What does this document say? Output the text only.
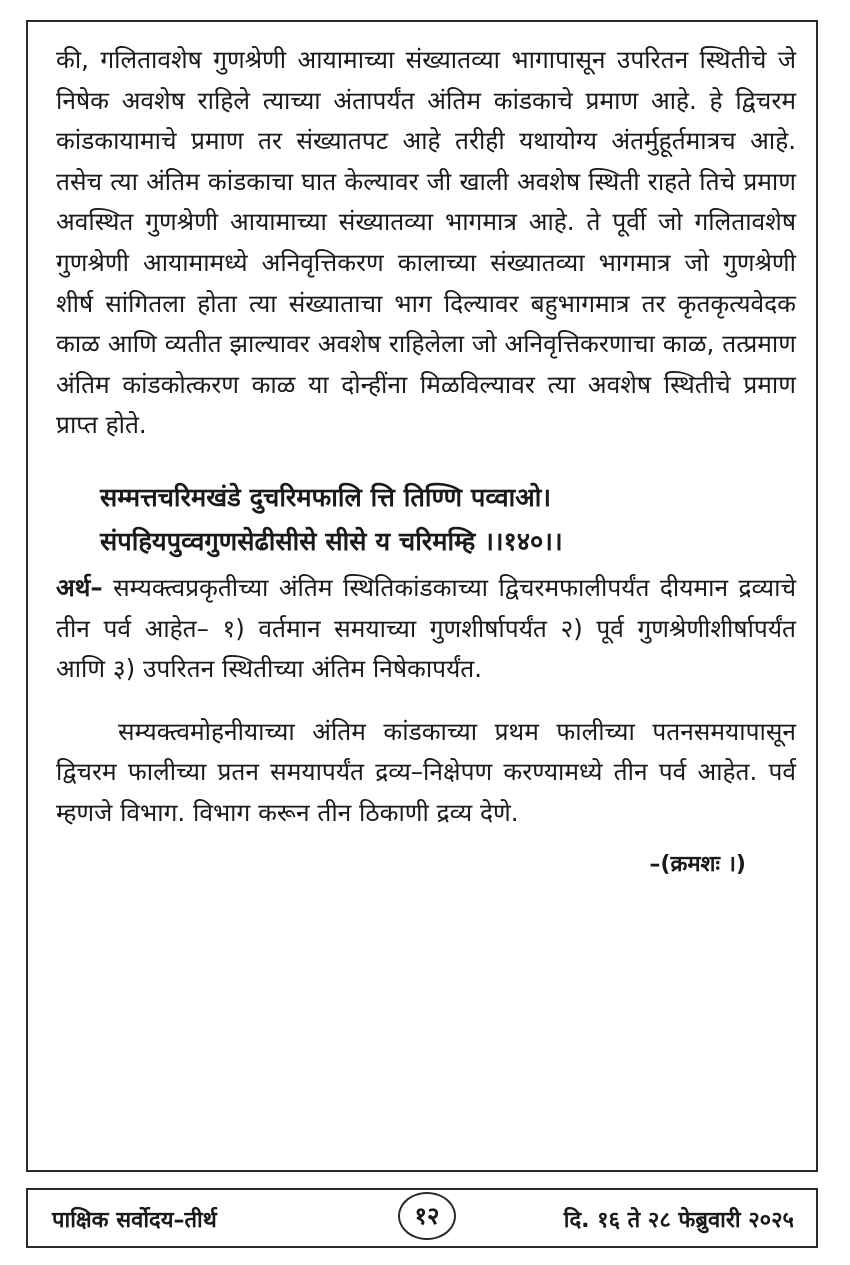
की, गलितावशेष गुणश्रेणी आयामाच्या संख्यातव्या भागापासून उपरितन स्थितीचे जे निषेक अवशेष राहिले त्याच्या अंतापर्यंत अंतिम कांडकाचे प्रमाण आहे. हे द्विचरम कांडकायामाचे प्रमाण तर संख्यातपट आहे तरीही यथायोग्य अंतर्मुहूर्तमात्रच आहे. तसेच त्या अंतिम कांडकाचा घात केल्यावर जी खाली अवशेष स्थिती राहते तिचे प्रमाण अवस्थित गुणश्रेणी आयामाच्या संख्यातव्या भागमात्र आहे. ते पूर्वी जो गलितावशेष गुणश्रेणी आयामामध्ये अनिवृत्तिकरण कालाच्या संख्यातव्या भागमात्र जो गुणश्रेणी शीर्ष सांगितला होता त्या संख्याताचा भाग दिल्यावर बहुभागमात्र तर कृतकृत्यवेदक काळ आणि व्यतीत झाल्यावर अवशेष राहिलेला जो अनिवृत्तिकरणाचा काळ, तत्प्रमाण अंतिम कांडकोत्करण काळ या दोन्हींना मिळविल्यावर त्या अवशेष स्थितीचे प्रमाण प्राप्त होते.

सम्मत्तचरिमखंडे दुचरिमफालि त्ति तिण्णि पव्वाओ।
संपहियपुव्वगुणसेढीसीसे सीसे य चरिमम्हि ।।१४०।।

अर्थ– सम्यक्त्वप्रकृतीच्या अंतिम स्थितिकांडकाच्या द्विचरमफालीपर्यंत दीयमान द्रव्याचे तीन पर्व आहेत– १) वर्तमान समयाच्या गुणशीर्षापर्यंत २) पूर्व गुणश्रेणीशीर्षापर्यंत आणि ३) उपरितन स्थितीच्या अंतिम निषेकापर्यंत.

सम्यक्त्वमोहनीयाच्या अंतिम कांडकाच्या प्रथम फालीच्या पतनसमयापासून द्विचरम फालीच्या प्रतन समयापर्यंत द्रव्य–निक्षेपण करण्यामध्ये तीन पर्व आहेत. पर्व म्हणजे विभाग. विभाग करून तीन ठिकाणी द्रव्य देणे.

–(क्रमशः ।)
पाक्षिक सर्वोदय–तीर्थ	१२	दि. १६ ते २८ फेब्रुवारी २०२५
